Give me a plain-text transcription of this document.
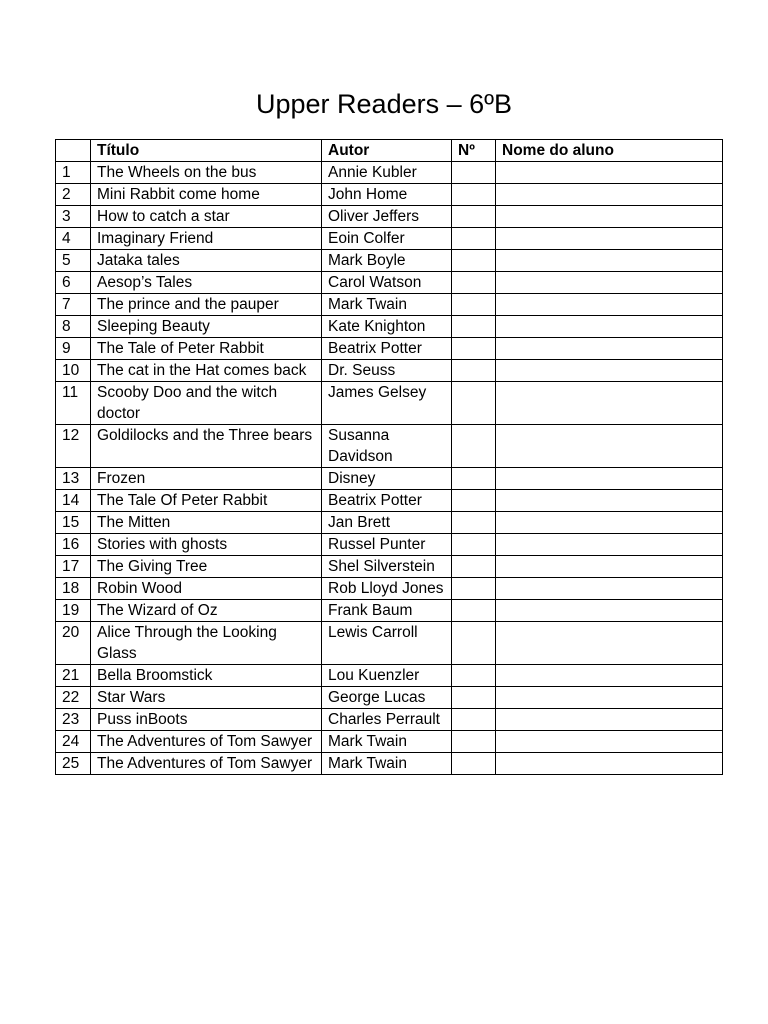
Upper Readers – 6ºB
	Título	Autor	Nº	Nome do aluno
1	The Wheels on the bus	Annie Kubler		
2	Mini Rabbit come home	John Home		
3	How to catch a star	Oliver Jeffers		
4	Imaginary Friend	Eoin Colfer		
5	Jataka tales	Mark Boyle		
6	Aesop’s Tales	Carol Watson		
7	The prince and the pauper	Mark Twain		
8	Sleeping Beauty	Kate Knighton		
9	The Tale of Peter Rabbit	Beatrix Potter		
10	The cat in the Hat comes back	Dr. Seuss		
11	Scooby Doo and the witch doctor	James Gelsey		
12	Goldilocks and the Three bears	Susanna Davidson		
13	Frozen	Disney		
14	The Tale Of Peter Rabbit	Beatrix Potter		
15	The Mitten	Jan Brett		
16	Stories with ghosts	Russel Punter		
17	The Giving Tree	Shel Silverstein		
18	Robin Wood	Rob Lloyd Jones		
19	The Wizard of Oz	Frank Baum		
20	Alice Through the Looking Glass	Lewis Carroll		
21	Bella Broomstick	Lou Kuenzler		
22	Star Wars	George Lucas		
23	Puss inBoots	Charles Perrault		
24	The Adventures of Tom Sawyer	Mark Twain		
25	The Adventures of Tom Sawyer	Mark Twain		
